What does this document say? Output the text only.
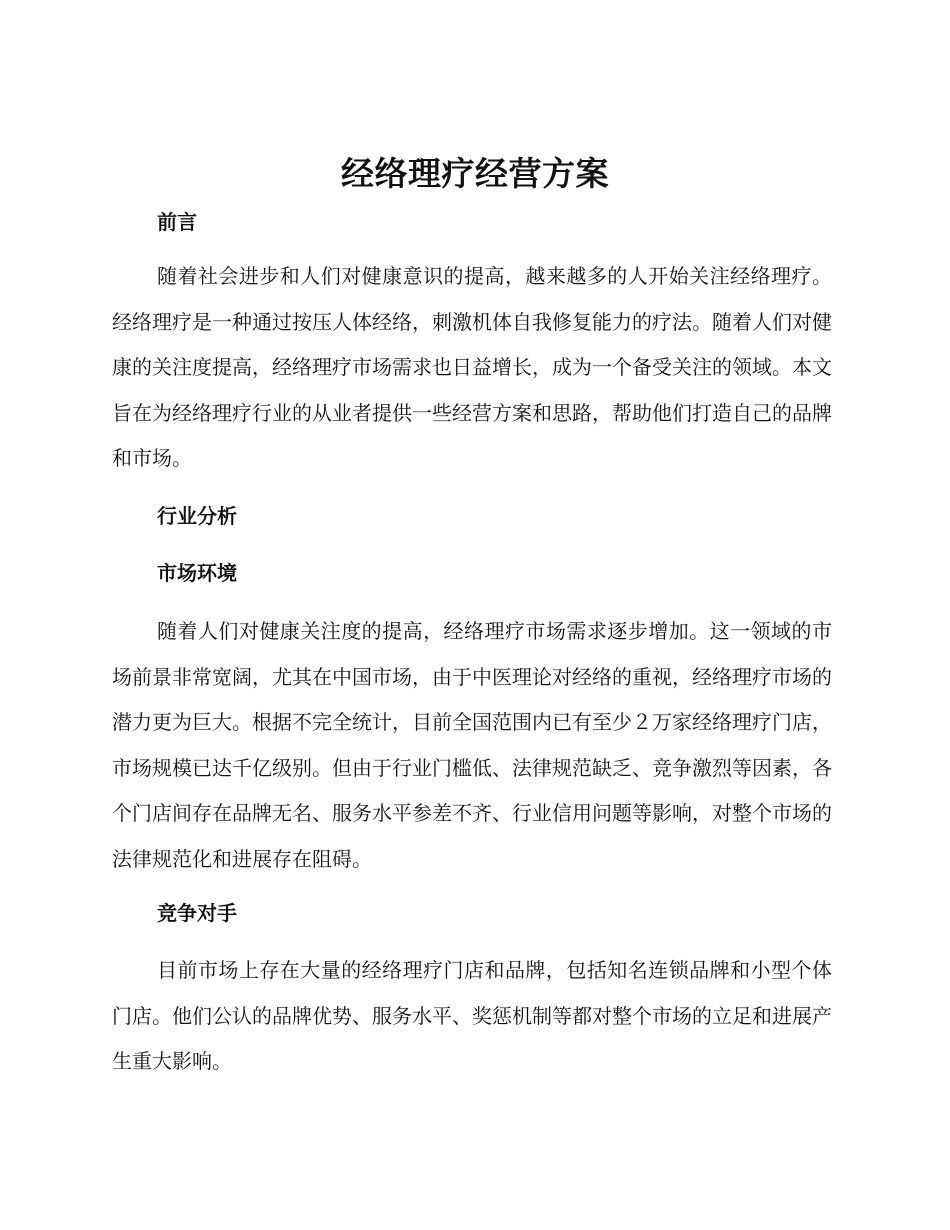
经络理疗经营方案
前言

随着社会进步和人们对健康意识的提高，越来越多的人开始关注经络理疗。经络理疗是一种通过按压人体经络，刺激机体自我修复能力的疗法。随着人们对健康的关注度提高，经络理疗市场需求也日益增长，成为一个备受关注的领域。本文旨在为经络理疗行业的从业者提供一些经营方案和思路，帮助他们打造自己的品牌和市场。

行业分析
市场环境

随着人们对健康关注度的提高，经络理疗市场需求逐步增加。这一领域的市场前景非常宽阔，尤其在中国市场，由于中医理论对经络的重视，经络理疗市场的潜力更为巨大。根据不完全统计，目前全国范围内已有至少２万家经络理疗门店，市场规模已达千亿级别。但由于行业门槛低、法律规范缺乏、竞争激烈等因素，各个门店间存在品牌无名、服务水平参差不齐、行业信用问题等影响，对整个市场的法律规范化和进展存在阻碍。

竞争对手

目前市场上存在大量的经络理疗门店和品牌，包括知名连锁品牌和小型个体门店。他们公认的品牌优势、服务水平、奖惩机制等都对整个市场的立足和进展产生重大影响。
